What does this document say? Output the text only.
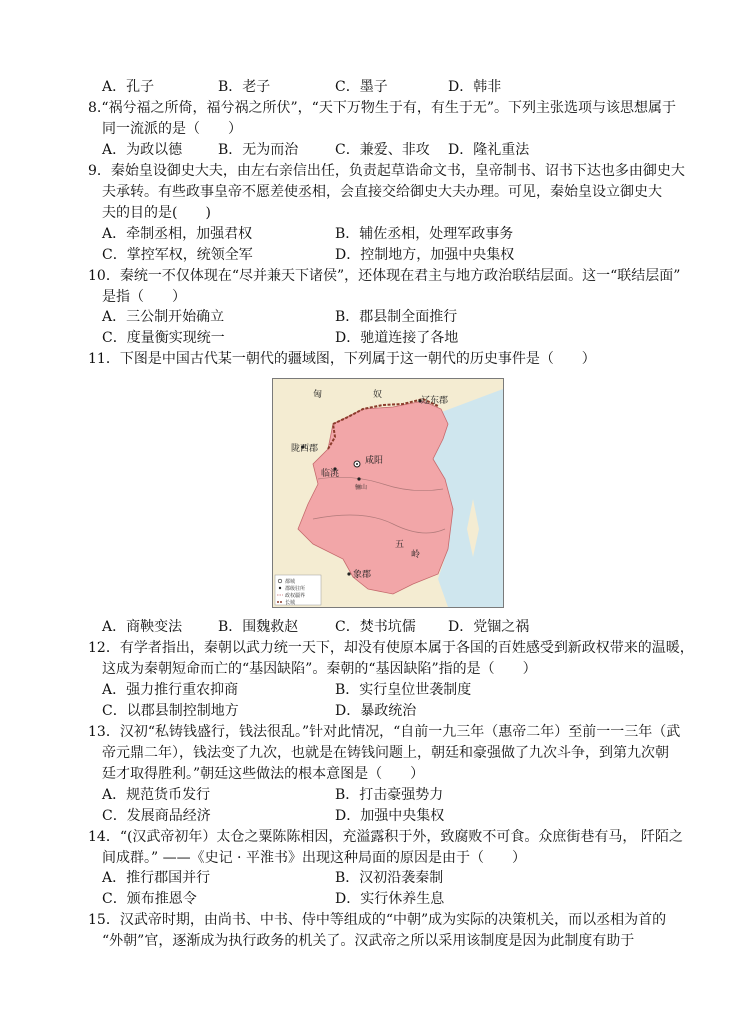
A．孔子	B．老子	C．墨子	D．韩非
8.“祸兮福之所倚，福兮祸之所伏”，“天下万物生于有，有生于无”。下列主张选项与该思想属于
同一流派的是（　　）
A．为政以德	B．无为而治	C．兼爱、非攻 D．隆礼重法
9．秦始皇设御史大夫，由左右亲信出任，负责起草诰命文书，皇帝制书、诏书下达也多由御史大
夫承转。有些政事皇帝不愿差使丞相，会直接交给御史大夫办理。可见，秦始皇设立御史大
夫的目的是(　　)
A．牵制丞相，加强君权	B．辅佐丞相，处理军政事务
C．掌控军权，统领全军	D．控制地方，加强中央集权
10．秦统一不仅体现在“尽并兼天下诸侯”，还体现在君主与地方政治联结层面。这一“联结层面”
是指（　　）
A．三公制开始确立	B．郡县制全面推行
C．度量衡实现统一	D．驰道连接了各地
11．下图是中国古代某一朝代的疆域图，下列属于这一朝代的历史事件是（　　）
匈	奴
辽东郡
陇西郡
咸阳
临洮
骊山
五
岭
象郡
都城
郡级驻所
政权疆界
长城
A．商鞅变法	B．围魏救赵	C．焚书坑儒 D．党锢之祸
12．有学者指出，秦朝以武力统一天下，却没有使原本属于各国的百姓感受到新政权带来的温暖，
这成为秦朝短命而亡的“基因缺陷”。秦朝的“基因缺陷”指的是（　　）
A．强力推行重农抑商	B．实行皇位世袭制度
C．以郡县制控制地方	D．暴政统治
13．汉初“私铸钱盛行，钱法很乱。”针对此情况，“自前一九三年（惠帝二年）至前一一三年（武
帝元鼎二年），钱法变了九次，也就是在铸钱问题上，朝廷和豪强做了九次斗争，到第九次朝
廷才取得胜利。”朝廷这些做法的根本意图是（　　）
A．规范货币发行	B．打击豪强势力
C．发展商品经济	D．加强中央集权
14．“(汉武帝初年）太仓之粟陈陈相因，充溢露积于外，致腐败不可食。众庶街巷有马， 阡陌之
间成群。” ——《史记 · 平淮书》出现这种局面的原因是由于（　　）
A．推行郡国并行	B．汉初沿袭秦制
C．颁布推恩令	D．实行休养生息
15．汉武帝时期，由尚书、中书、侍中等组成的“中朝”成为实际的决策机关，而以丞相为首的
“外朝”官，逐渐成为执行政务的机关了。汉武帝之所以采用该制度是因为此制度有助于
